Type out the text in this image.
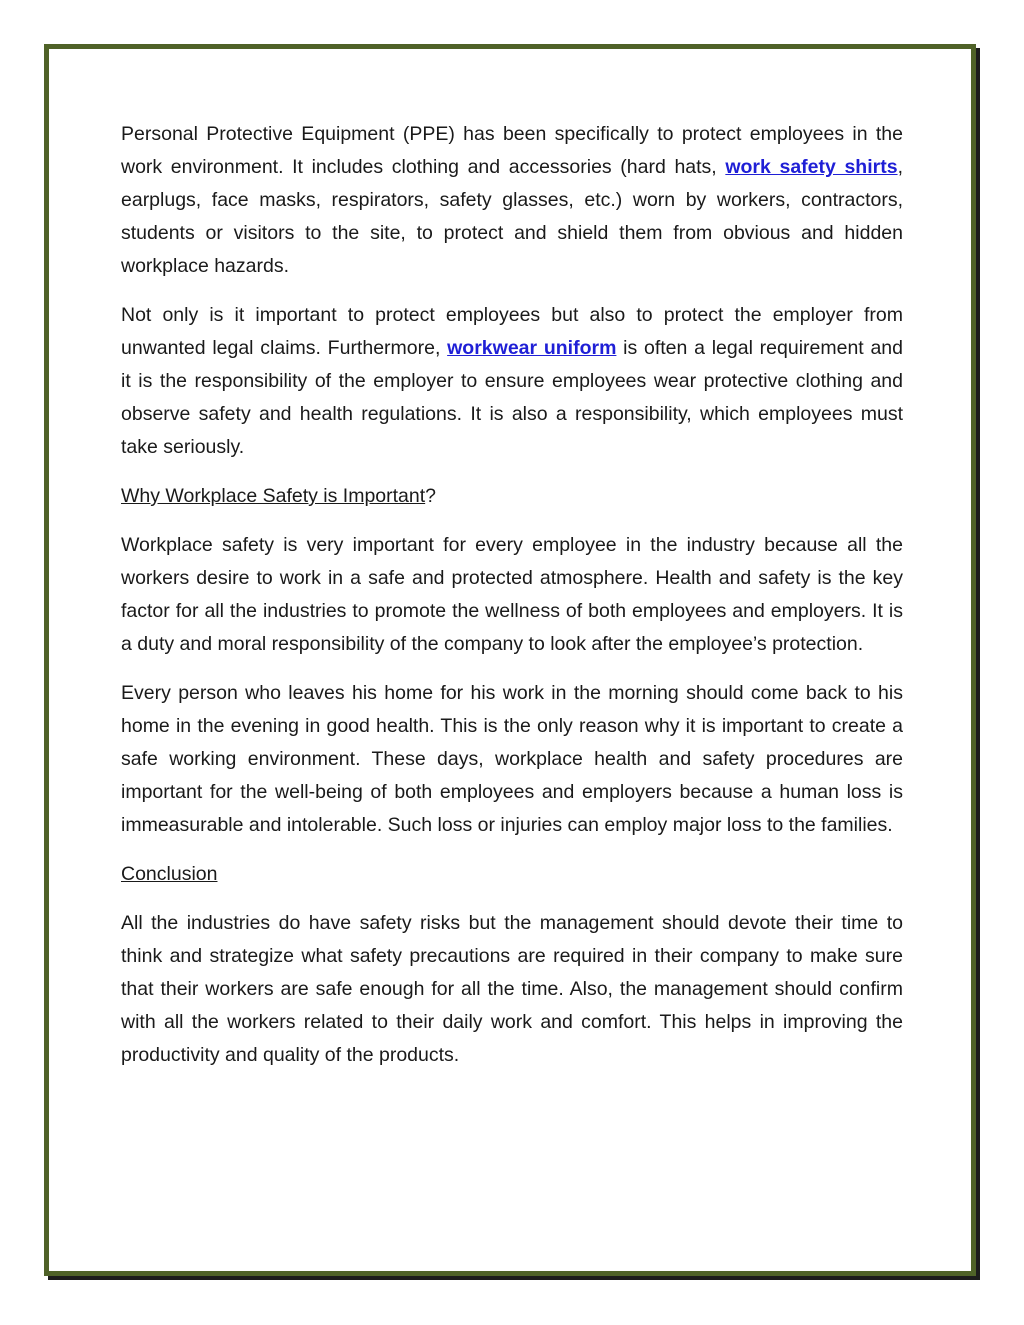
Personal Protective Equipment (PPE) has been specifically to protect employees in the work environment. It includes clothing and accessories (hard hats, work safety shirts, earplugs, face masks, respirators, safety glasses, etc.) worn by workers, contractors, students or visitors to the site, to protect and shield them from obvious and hidden workplace hazards.

Not only is it important to protect employees but also to protect the employer from unwanted legal claims. Furthermore, workwear uniform is often a legal requirement and it is the responsibility of the employer to ensure employees wear protective clothing and observe safety and health regulations. It is also a responsibility, which employees must take seriously.

Why Workplace Safety is Important?

Workplace safety is very important for every employee in the industry because all the workers desire to work in a safe and protected atmosphere. Health and safety is the key factor for all the industries to promote the wellness of both employees and employers. It is a duty and moral responsibility of the company to look after the employee’s protection.

Every person who leaves his home for his work in the morning should come back to his home in the evening in good health. This is the only reason why it is important to create a safe working environment. These days, workplace health and safety procedures are important for the well-being of both employees and employers because a human loss is immeasurable and intolerable. Such loss or injuries can employ major loss to the families.

Conclusion

All the industries do have safety risks but the management should devote their time to think and strategize what safety precautions are required in their company to make sure that their workers are safe enough for all the time. Also, the management should confirm with all the workers related to their daily work and comfort. This helps in improving the productivity and quality of the products.
